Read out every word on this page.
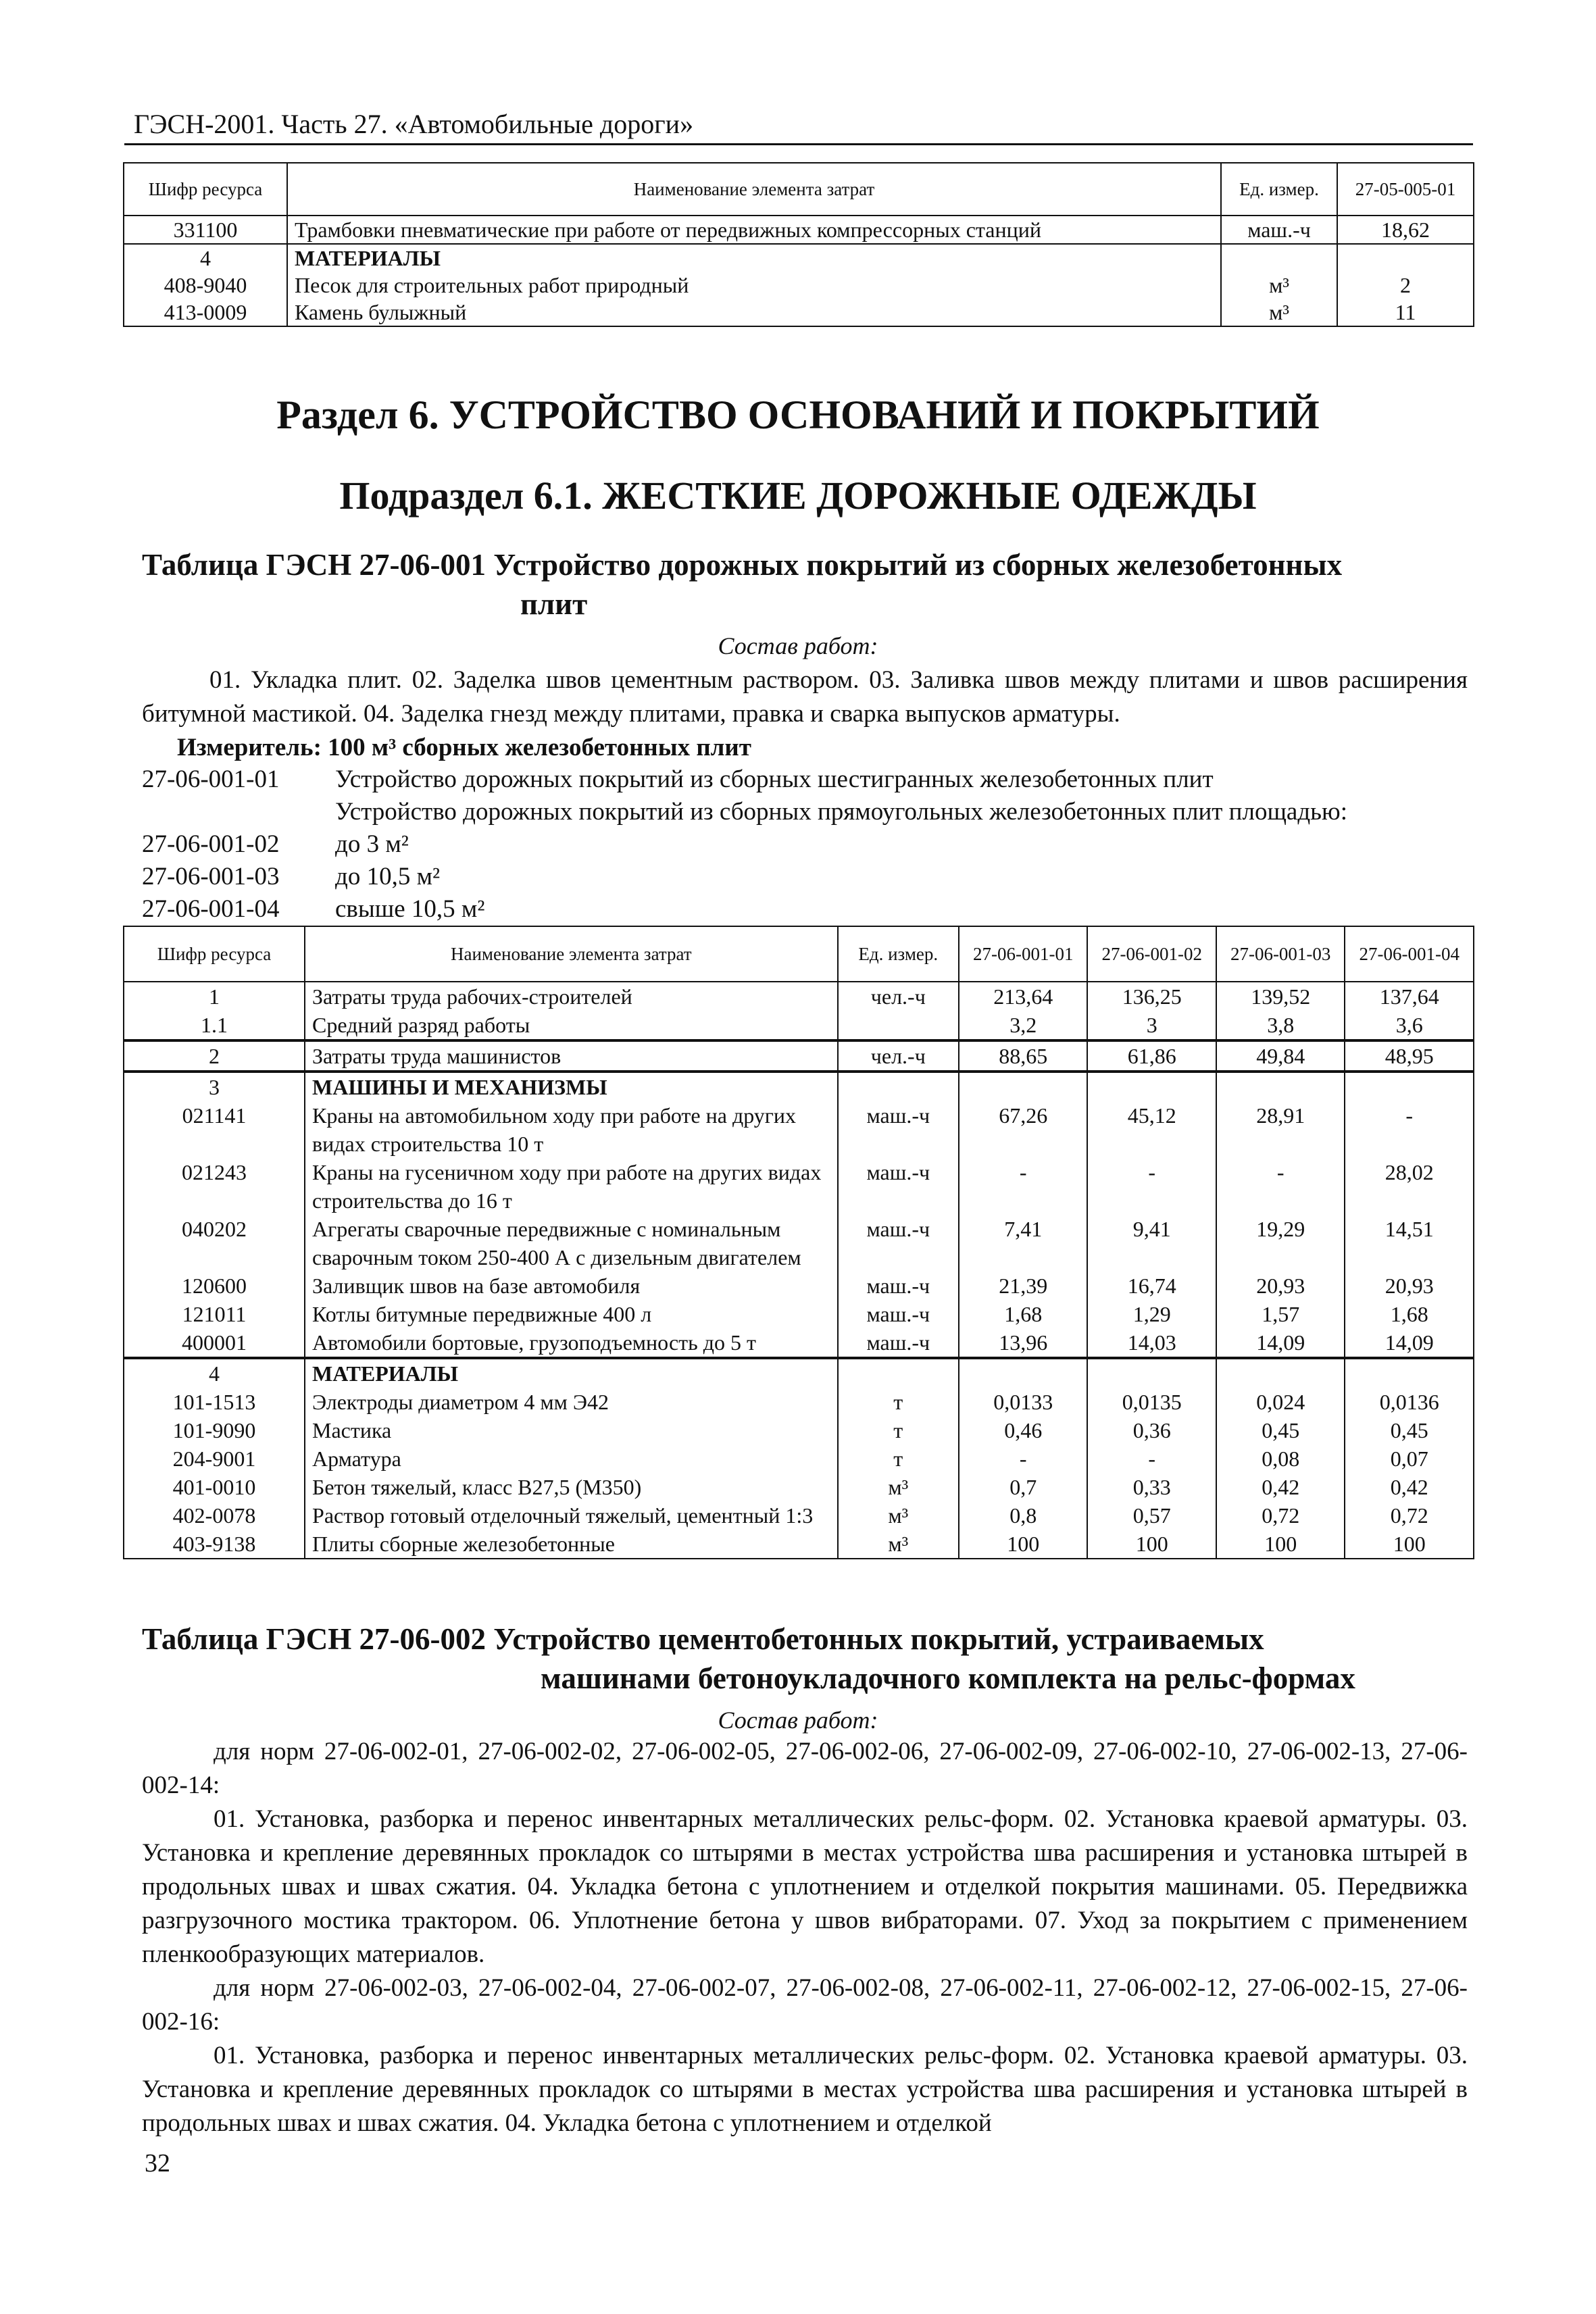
ГЭСН-2001. Часть 27. «Автомобильные дороги»
Шифр ресурса	Наименование элемента затрат	Ед. измер.	27-05-005-01
331100	Трамбовки пневматические при работе от передвижных компрессорных станций	маш.-ч	18,62
4	МАТЕРИАЛЫ		
408-9040	Песок для строительных работ природный	м³	2
413-0009	Камень булыжный	м³	11
Раздел 6. УСТРОЙСТВО ОСНОВАНИЙ И ПОКРЫТИЙ
Подраздел 6.1. ЖЕСТКИЕ ДОРОЖНЫЕ ОДЕЖДЫ
Таблица ГЭСН 27-06-001 Устройство дорожных покрытий из сборных железобетонных
плит
Состав работ:
01. Укладка плит. 02. Заделка швов цементным раствором. 03. Заливка швов между плитами и швов расширения битумной мастикой. 04. Заделка гнезд между плитами, правка и сварка выпусков арматуры.
Измеритель: 100 м³ сборных железобетонных плит
27-06-001-01 Устройство дорожных покрытий из сборных шестигранных железобетонных плит
Устройство дорожных покрытий из сборных прямоугольных железобетонных плит площадью:
27-06-001-02 до 3 м²
27-06-001-03 до 10,5 м²
27-06-001-04 свыше 10,5 м²
Шифр ресурса	Наименование элемента затрат	Ед. измер.	27-06-001-01	27-06-001-02	27-06-001-03	27-06-001-04
1	Затраты труда рабочих-строителей	чел.-ч	213,64	136,25	139,52	137,64
1.1	Средний разряд работы		3,2	3	3,8	3,6
2	Затраты труда машинистов	чел.-ч	88,65	61,86	49,84	48,95
3	МАШИНЫ И МЕХАНИЗМЫ					
021141	Краны на автомобильном ходу при работе на других видах строительства 10 т	маш.-ч	67,26	45,12	28,91	-
021243	Краны на гусеничном ходу при работе на других видах строительства до 16 т	маш.-ч	-	-	-	28,02
040202	Агрегаты сварочные передвижные с номинальным сварочным током 250-400 А с дизельным двигателем	маш.-ч	7,41	9,41	19,29	14,51
120600	Заливщик швов на базе автомобиля	маш.-ч	21,39	16,74	20,93	20,93
121011	Котлы битумные передвижные 400 л	маш.-ч	1,68	1,29	1,57	1,68
400001	Автомобили бортовые, грузоподъемность до 5 т	маш.-ч	13,96	14,03	14,09	14,09
4	МАТЕРИАЛЫ					
101-1513	Электроды диаметром 4 мм Э42	т	0,0133	0,0135	0,024	0,0136
101-9090	Мастика	т	0,46	0,36	0,45	0,45
204-9001	Арматура	т	-	-	0,08	0,07
401-0010	Бетон тяжелый, класс В27,5 (М350)	м³	0,7	0,33	0,42	0,42
402-0078	Раствор готовый отделочный тяжелый, цементный 1:3	м³	0,8	0,57	0,72	0,72
403-9138	Плиты сборные железобетонные	м³	100	100	100	100
Таблица ГЭСН 27-06-002 Устройство цементобетонных покрытий, устраиваемых
машинами бетоноукладочного комплекта на рельс-формах
Состав работ:
для норм 27-06-002-01, 27-06-002-02, 27-06-002-05, 27-06-002-06, 27-06-002-09, 27-06-002-10, 27-06-002-13, 27-06-002-14:
01. Установка, разборка и перенос инвентарных металлических рельс-форм. 02. Установка краевой арматуры. 03. Установка и крепление деревянных прокладок со штырями в местах устройства шва расширения и установка штырей в продольных швах и швах сжатия. 04. Укладка бетона с уплотнением и отделкой покрытия машинами. 05. Передвижка разгрузочного мостика трактором. 06. Уплотнение бетона у швов вибраторами. 07. Уход за покрытием с применением пленкообразующих материалов.
для норм 27-06-002-03, 27-06-002-04, 27-06-002-07, 27-06-002-08, 27-06-002-11, 27-06-002-12, 27-06-002-15, 27-06-002-16:
01. Установка, разборка и перенос инвентарных металлических рельс-форм. 02. Установка краевой арматуры. 03. Установка и крепление деревянных прокладок со штырями в местах устройства шва расширения и установка штырей в продольных швах и швах сжатия. 04. Укладка бетона с уплотнением и отделкой
32
